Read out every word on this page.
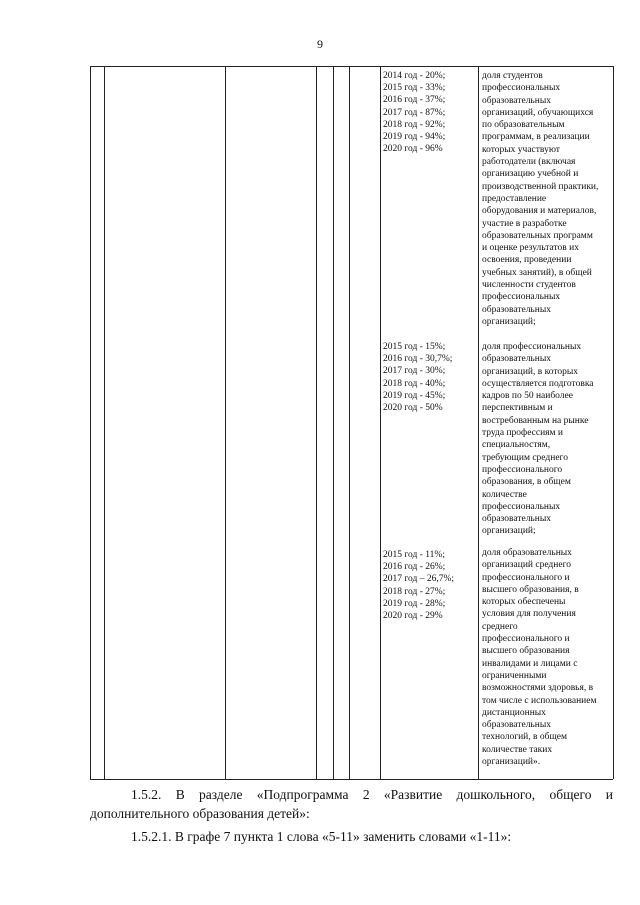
9
2014 год - 20%;
2015 год - 33%;
2016 год - 37%;
2017 год - 87%;
2018 год - 92%;
2019 год - 94%;
2020 год - 96%
доля студентов
профессиональных
образовательных
организаций, обучающихся
по образовательным
программам, в реализации
которых участвуют
работодатели (включая
организацию учебной и
производственной практики,
предоставление
оборудования и материалов,
участие в разработке
образовательных программ
и оценке результатов их
освоения, проведении
учебных занятий), в общей
численности студентов
профессиональных
образовательных
организаций;
2015 год - 15%;
2016 год - 30,7%;
2017 год - 30%;
2018 год - 40%;
2019 год - 45%;
2020 год - 50%
доля профессиональных
образовательных
организаций, в которых
осуществляется подготовка
кадров по 50 наиболее
перспективным и
востребованным на рынке
труда профессиям и
специальностям,
требующим среднего
профессионального
образования, в общем
количестве
профессиональных
образовательных
организаций;
2015 год - 11%;
2016 год - 26%;
2017 год – 26,7%;
2018 год - 27%;
2019 год - 28%;
2020 год - 29%
доля образовательных
организаций среднего
профессионального и
высшего образования, в
которых обеспечены
условия для получения
среднего
профессионального и
высшего образования
инвалидами и лицами с
ограниченными
возможностями здоровья, в
том числе с использованием
дистанционных
образовательных
технологий, в общем
количестве таких
организаций».
1.5.2. В разделе «Подпрограмма 2 «Развитие дошкольного, общего и
дополнительного образования детей»:
1.5.2.1. В графе 7 пункта 1 слова «5-11» заменить словами «1-11»:
